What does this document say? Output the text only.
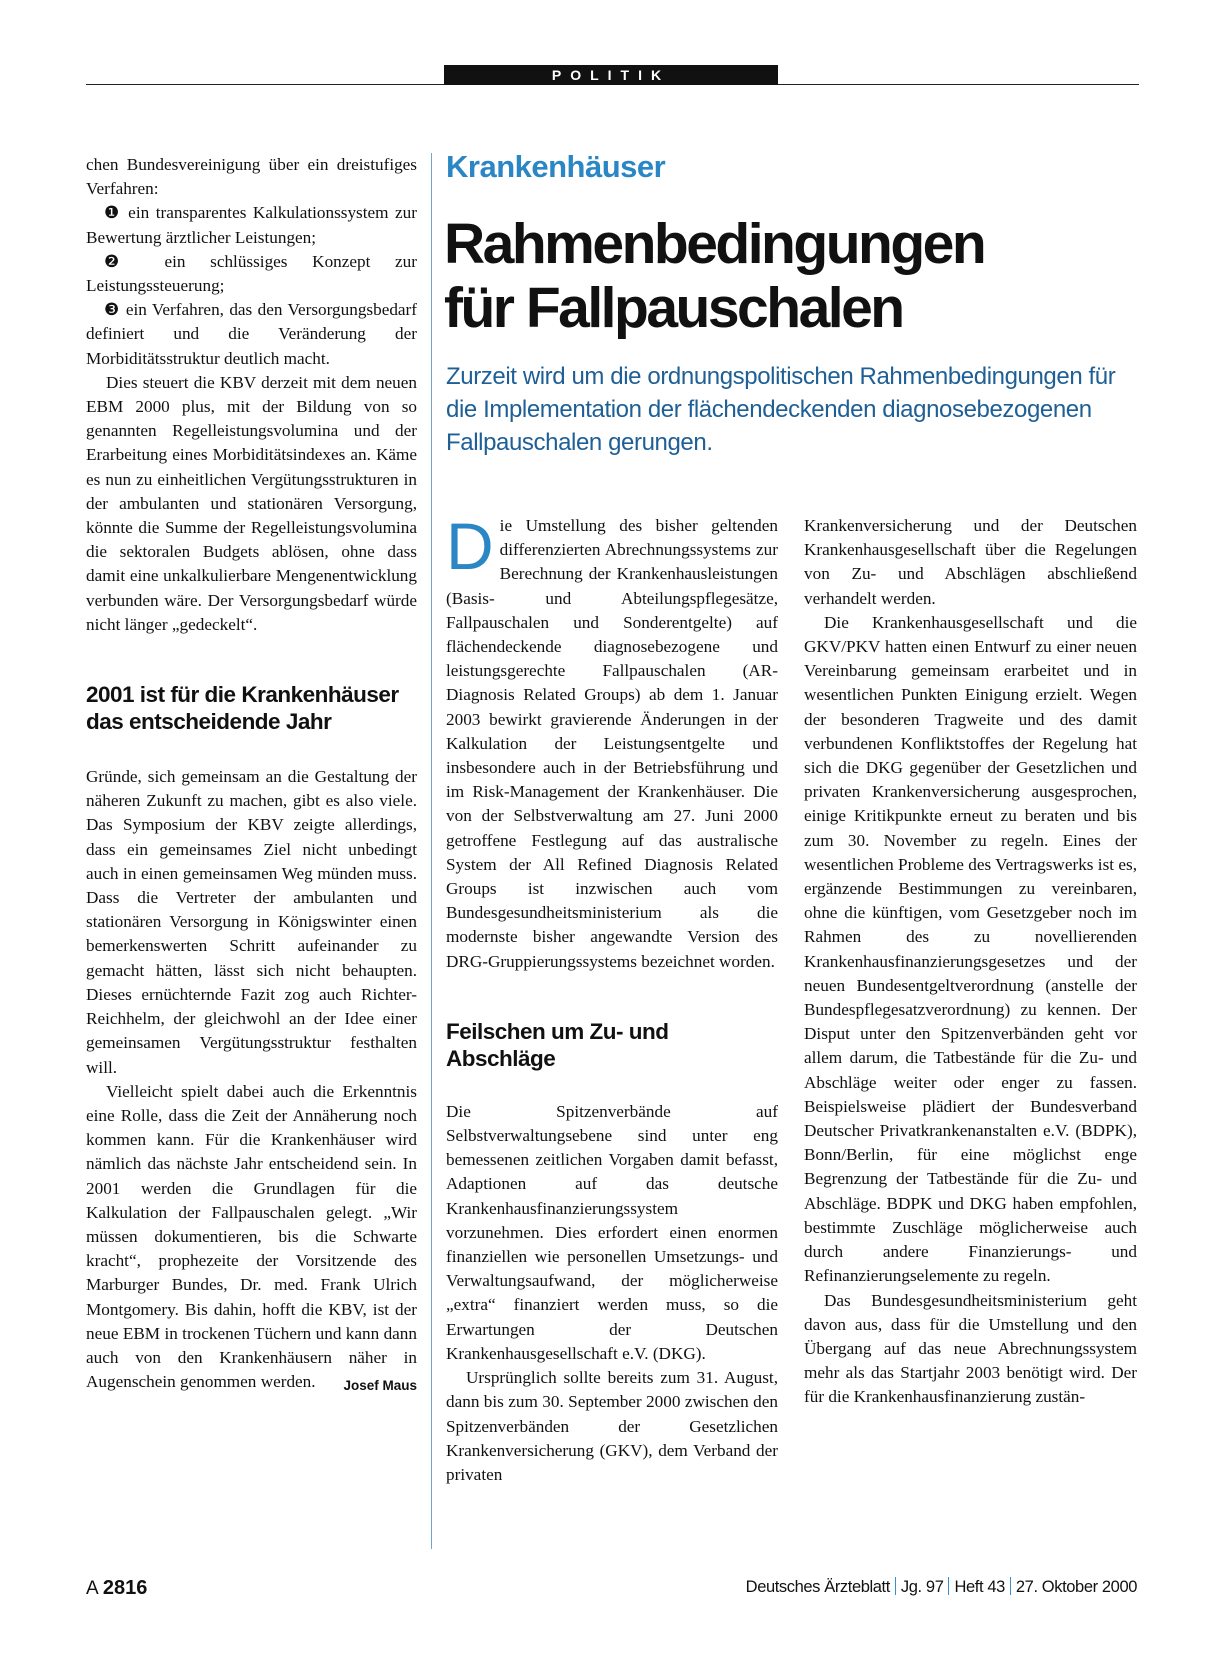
POLITIK

chen Bundesvereinigung über ein dreistufiges Verfahren:

❶ ein transparentes Kalkulationssystem zur Bewertung ärztlicher Leistungen;

❷ ein schlüssiges Konzept zur Leistungssteuerung;

❸ ein Verfahren, das den Versorgungsbedarf definiert und die Veränderung der Morbiditätsstruktur deutlich macht.

Dies steuert die KBV derzeit mit dem neuen EBM 2000 plus, mit der Bildung von so genannten Regelleistungsvolumina und der Erarbeitung eines Morbiditätsindexes an. Käme es nun zu einheitlichen Vergütungsstrukturen in der ambulanten und stationären Versorgung, könnte die Summe der Regelleistungsvolumina die sektoralen Budgets ablösen, ohne dass damit eine unkalkulierbare Mengenentwicklung verbunden wäre. Der Versorgungsbedarf würde nicht länger „gedeckelt“.

2001 ist für die Krankenhäuser
das entscheidende Jahr

Gründe, sich gemeinsam an die Gestaltung der näheren Zukunft zu machen, gibt es also viele. Das Symposium der KBV zeigte allerdings, dass ein gemeinsames Ziel nicht unbedingt auch in einen gemeinsamen Weg münden muss. Dass die Vertreter der ambulanten und stationären Versorgung in Königswinter einen bemerkenswerten Schritt aufeinander zu gemacht hätten, lässt sich nicht behaupten. Dieses ernüchternde Fazit zog auch Richter-Reichhelm, der gleichwohl an der Idee einer gemeinsamen Vergütungsstruktur festhalten will.

Vielleicht spielt dabei auch die Erkenntnis eine Rolle, dass die Zeit der Annäherung noch kommen kann. Für die Krankenhäuser wird nämlich das nächste Jahr entscheidend sein. In 2001 werden die Grundlagen für die Kalkulation der Fallpauschalen gelegt. „Wir müssen dokumentieren, bis die Schwarte kracht“, prophezeite der Vorsitzende des Marburger Bundes, Dr. med. Frank Ulrich Montgomery. Bis dahin, hofft die KBV, ist der neue EBM in trockenen Tüchern und kann dann auch von den Krankenhäusern näher in Augenschein genommen werden.	Josef Maus

Krankenhäuser
Rahmenbedingungen
für Fallpauschalen
Zurzeit wird um die ordnungspolitischen Rahmenbedingungen für die Implementation der flächendeckenden diagnosebezogenen Fallpauschalen gerungen.

Die Umstellung des bisher geltenden differenzierten Abrechnungssystems zur Berechnung der Krankenhausleistungen (Basis- und Abteilungspflegesätze, Fallpauschalen und Sonderentgelte) auf flächendeckende diagnosebezogene und leistungsgerechte Fallpauschalen (AR-Diagnosis Related Groups) ab dem 1. Januar 2003 bewirkt gravierende Änderungen in der Kalkulation der Leistungsentgelte und insbesondere auch in der Betriebsführung und im Risk-Management der Krankenhäuser. Die von der Selbstverwaltung am 27. Juni 2000 getroffene Festlegung auf das australische System der All Refined Diagnosis Related Groups ist inzwischen auch vom Bundesgesundheitsministerium als die modernste bisher angewandte Version des DRG-Gruppierungssystems bezeichnet worden.

Feilschen um Zu- und
Abschläge

Die Spitzenverbände auf Selbstverwaltungsebene sind unter eng bemessenen zeitlichen Vorgaben damit befasst, Adaptionen auf das deutsche Krankenhausfinanzierungssystem vorzunehmen. Dies erfordert einen enormen finanziellen wie personellen Umsetzungs- und Verwaltungsaufwand, der möglicherweise „extra“ finanziert werden muss, so die Erwartungen der Deutschen Krankenhausgesellschaft e.V. (DKG).

Ursprünglich sollte bereits zum 31. August, dann bis zum 30. September 2000 zwischen den Spitzenverbänden der Gesetzlichen Krankenversicherung (GKV), dem Verband der privaten

Krankenversicherung und der Deutschen Krankenhausgesellschaft über die Regelungen von Zu- und Abschlägen abschließend verhandelt werden.

Die Krankenhausgesellschaft und die GKV/PKV hatten einen Entwurf zu einer neuen Vereinbarung gemeinsam erarbeitet und in wesentlichen Punkten Einigung erzielt. Wegen der besonderen Tragweite und des damit verbundenen Konfliktstoffes der Regelung hat sich die DKG gegenüber der Gesetzlichen und privaten Krankenversicherung ausgesprochen, einige Kritikpunkte erneut zu beraten und bis zum 30. November zu regeln. Eines der wesentlichen Probleme des Vertragswerks ist es, ergänzende Bestimmungen zu vereinbaren, ohne die künftigen, vom Gesetzgeber noch im Rahmen des zu novellierenden Krankenhausfinanzierungsgesetzes und der neuen Bundesentgeltverordnung (anstelle der Bundespflegesatzverordnung) zu kennen. Der Disput unter den Spitzenverbänden geht vor allem darum, die Tatbestände für die Zu- und Abschläge weiter oder enger zu fassen. Beispielsweise plädiert der Bundesverband Deutscher Privatkrankenanstalten e.V. (BDPK), Bonn/Berlin, für eine möglichst enge Begrenzung der Tatbestände für die Zu- und Abschläge. BDPK und DKG haben empfohlen, bestimmte Zuschläge möglicherweise auch durch andere Finanzierungs- und Refinanzierungselemente zu regeln.

Das Bundesgesundheitsministerium geht davon aus, dass für die Umstellung und den Übergang auf das neue Abrechnungssystem mehr als das Startjahr 2003 benötigt wird. Der für die Krankenhausfinanzierung zustän-

A 2816	Deutsches Ärzteblatt Jg. 97 Heft 43 27. Oktober 2000
